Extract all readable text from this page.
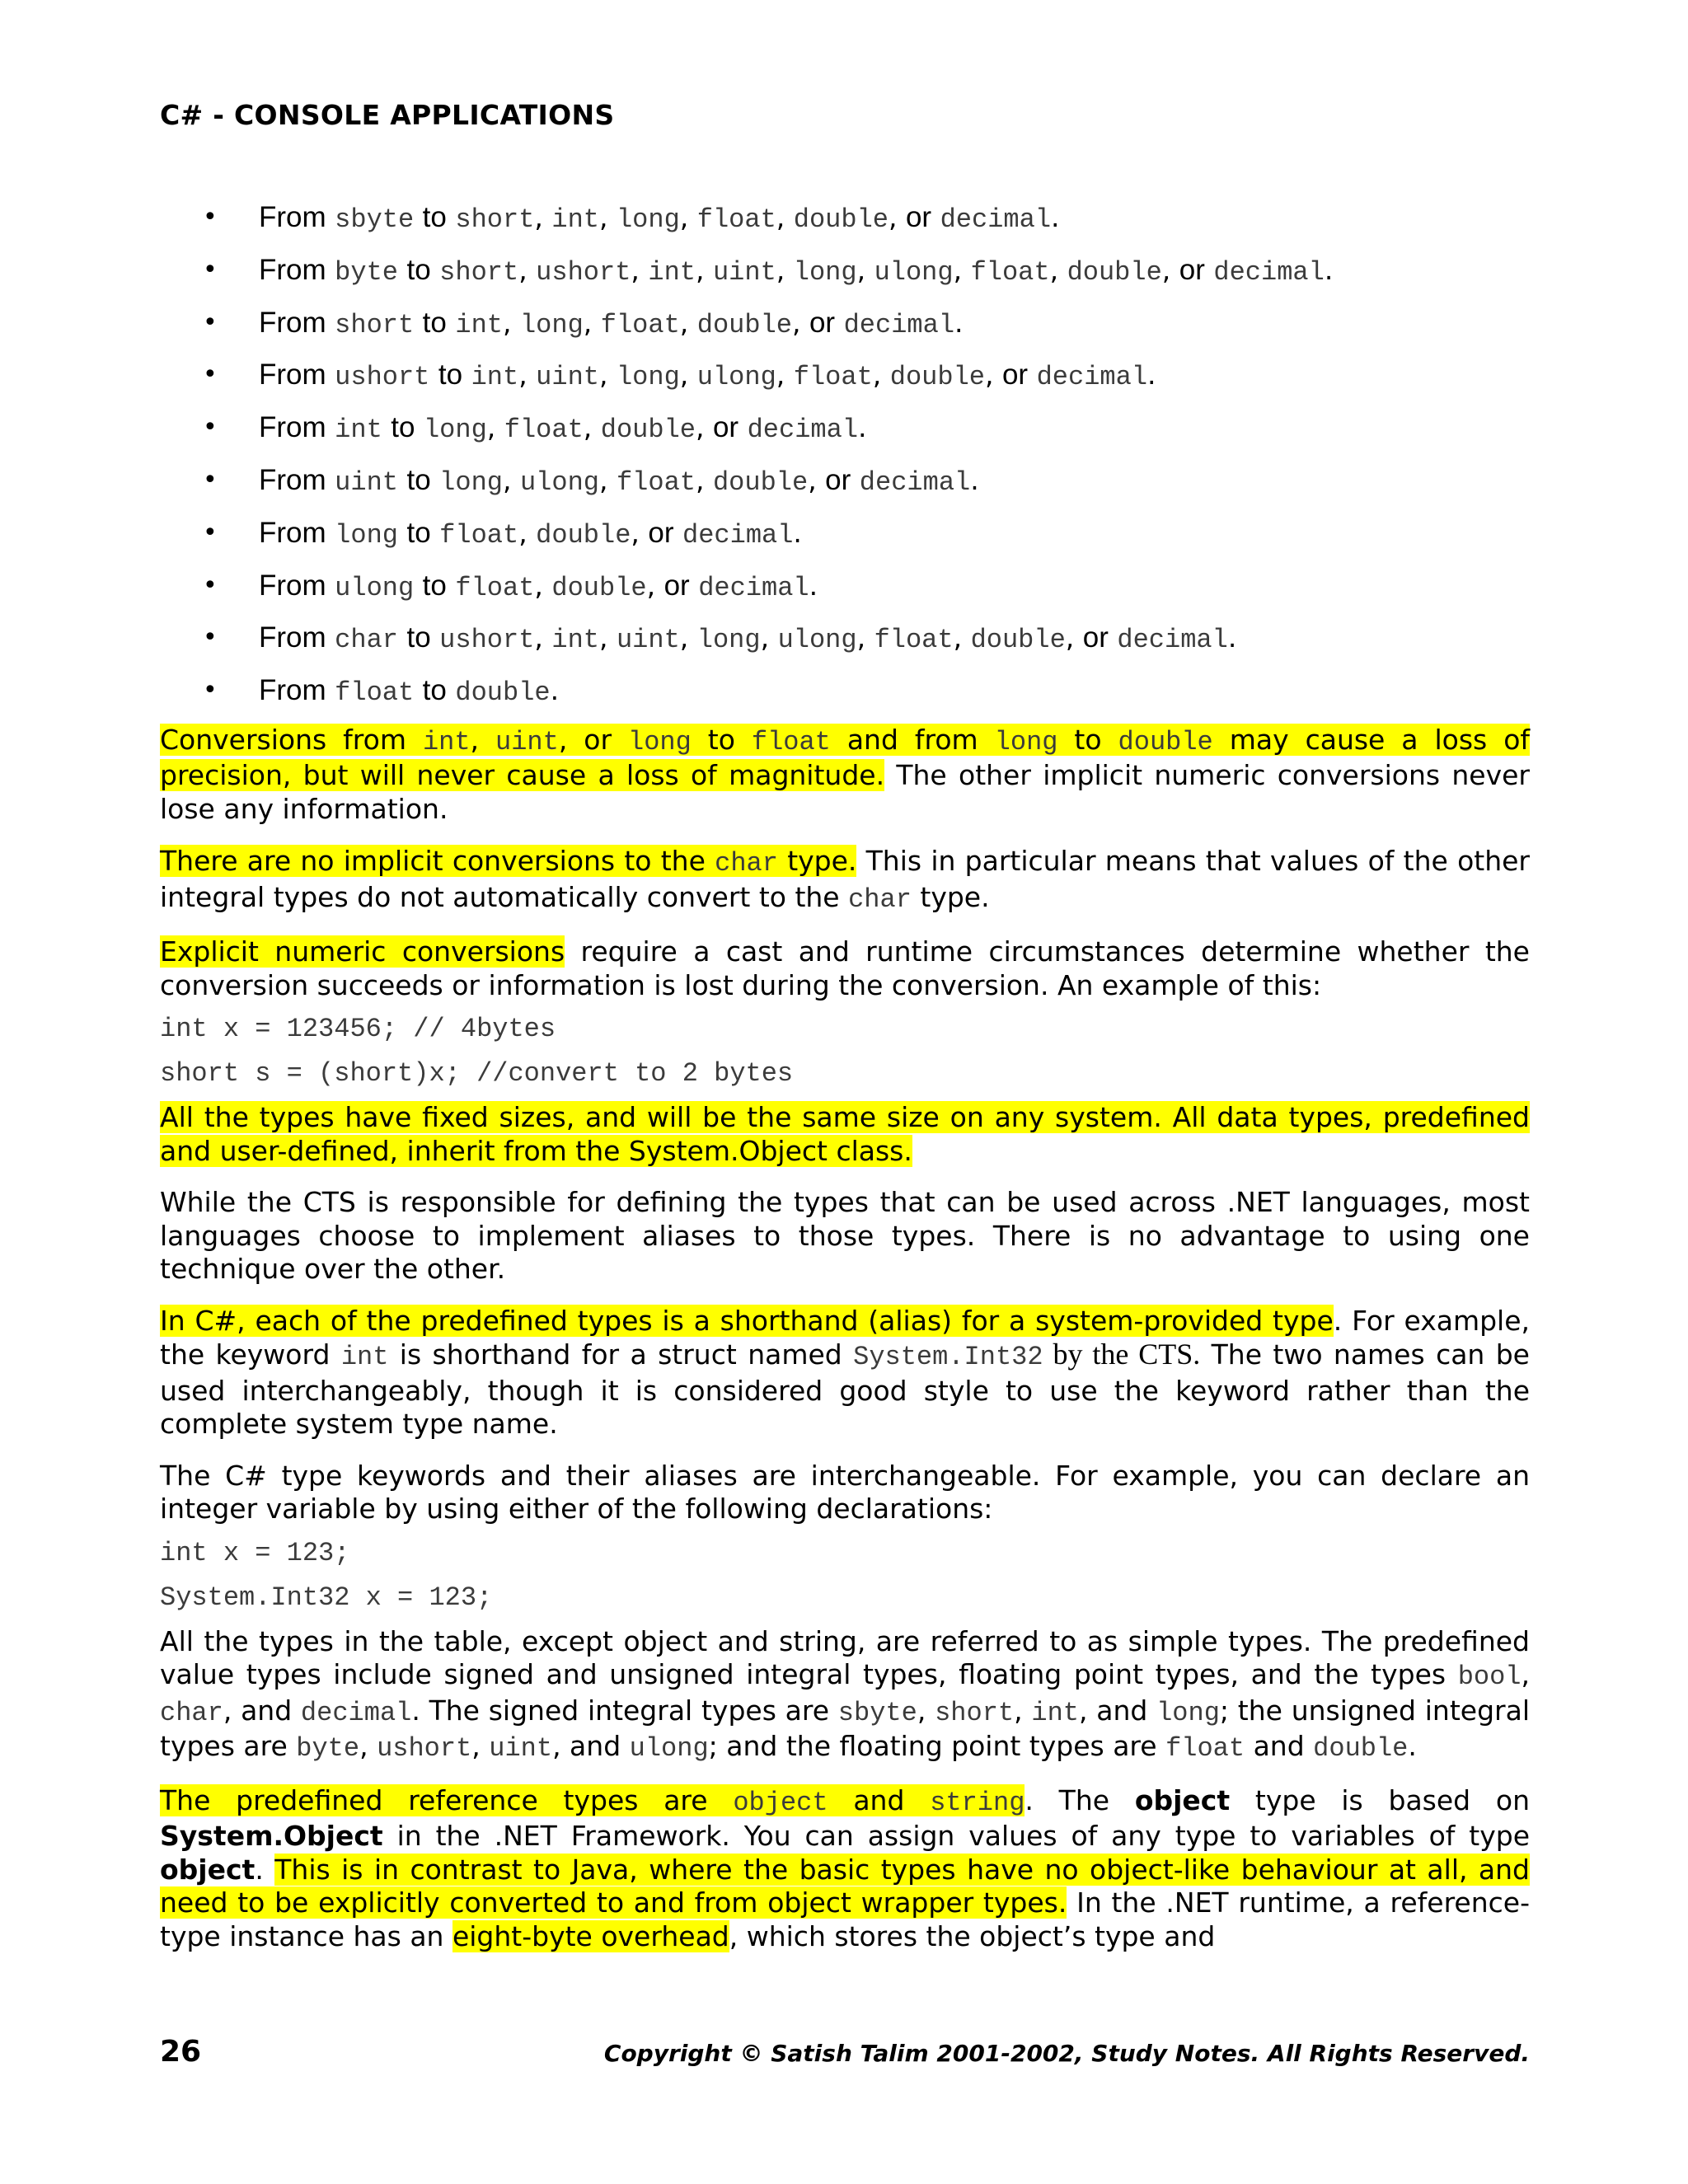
C# - CONSOLE APPLICATIONS
• From sbyte to short, int, long, float, double, or decimal.
• From byte to short, ushort, int, uint, long, ulong, float, double, or decimal.
• From short to int, long, float, double, or decimal.
• From ushort to int, uint, long, ulong, float, double, or decimal.
• From int to long, float, double, or decimal.
• From uint to long, ulong, float, double, or decimal.
• From long to float, double, or decimal.
• From ulong to float, double, or decimal.
• From char to ushort, int, uint, long, ulong, float, double, or decimal.
• From float to double.

Conversions from int, uint, or long to float and from long to double may cause a loss of precision, but will never cause a loss of magnitude. The other implicit numeric conversions never lose any information.

There are no implicit conversions to the char type. This in particular means that values of the other integral types do not automatically convert to the char type.

Explicit numeric conversions require a cast and runtime circumstances determine whether the conversion succeeds or information is lost during the conversion. An example of this:

int x = 123456; // 4bytes
short s = (short)x; //convert to 2 bytes

All the types have fixed sizes, and will be the same size on any system. All data types, predefined and user-defined, inherit from the System.Object class.

While the CTS is responsible for defining the types that can be used across .NET languages, most languages choose to implement aliases to those types. There is no advantage to using one technique over the other.

In C#, each of the predefined types is a shorthand (alias) for a system-provided type. For example, the keyword int is shorthand for a struct named System.Int32 by the CTS. The two names can be used interchangeably, though it is considered good style to use the keyword rather than the complete system type name.

The C# type keywords and their aliases are interchangeable. For example, you can declare an integer variable by using either of the following declarations:

int x = 123;
System.Int32 x = 123;

All the types in the table, except object and string, are referred to as simple types. The predefined value types include signed and unsigned integral types, floating point types, and the types bool, char, and decimal. The signed integral types are sbyte, short, int, and long; the unsigned integral types are byte, ushort, uint, and ulong; and the floating point types are float and double.

The predefined reference types are object and string. The object type is based on System.Object in the .NET Framework. You can assign values of any type to variables of type object. This is in contrast to Java, where the basic types have no object-like behaviour at all, and need to be explicitly converted to and from object wrapper types. In the .NET runtime, a reference-type instance has an eight-byte overhead, which stores the object’s type and

26	Copyright © Satish Talim 2001-2002, Study Notes. All Rights Reserved.
